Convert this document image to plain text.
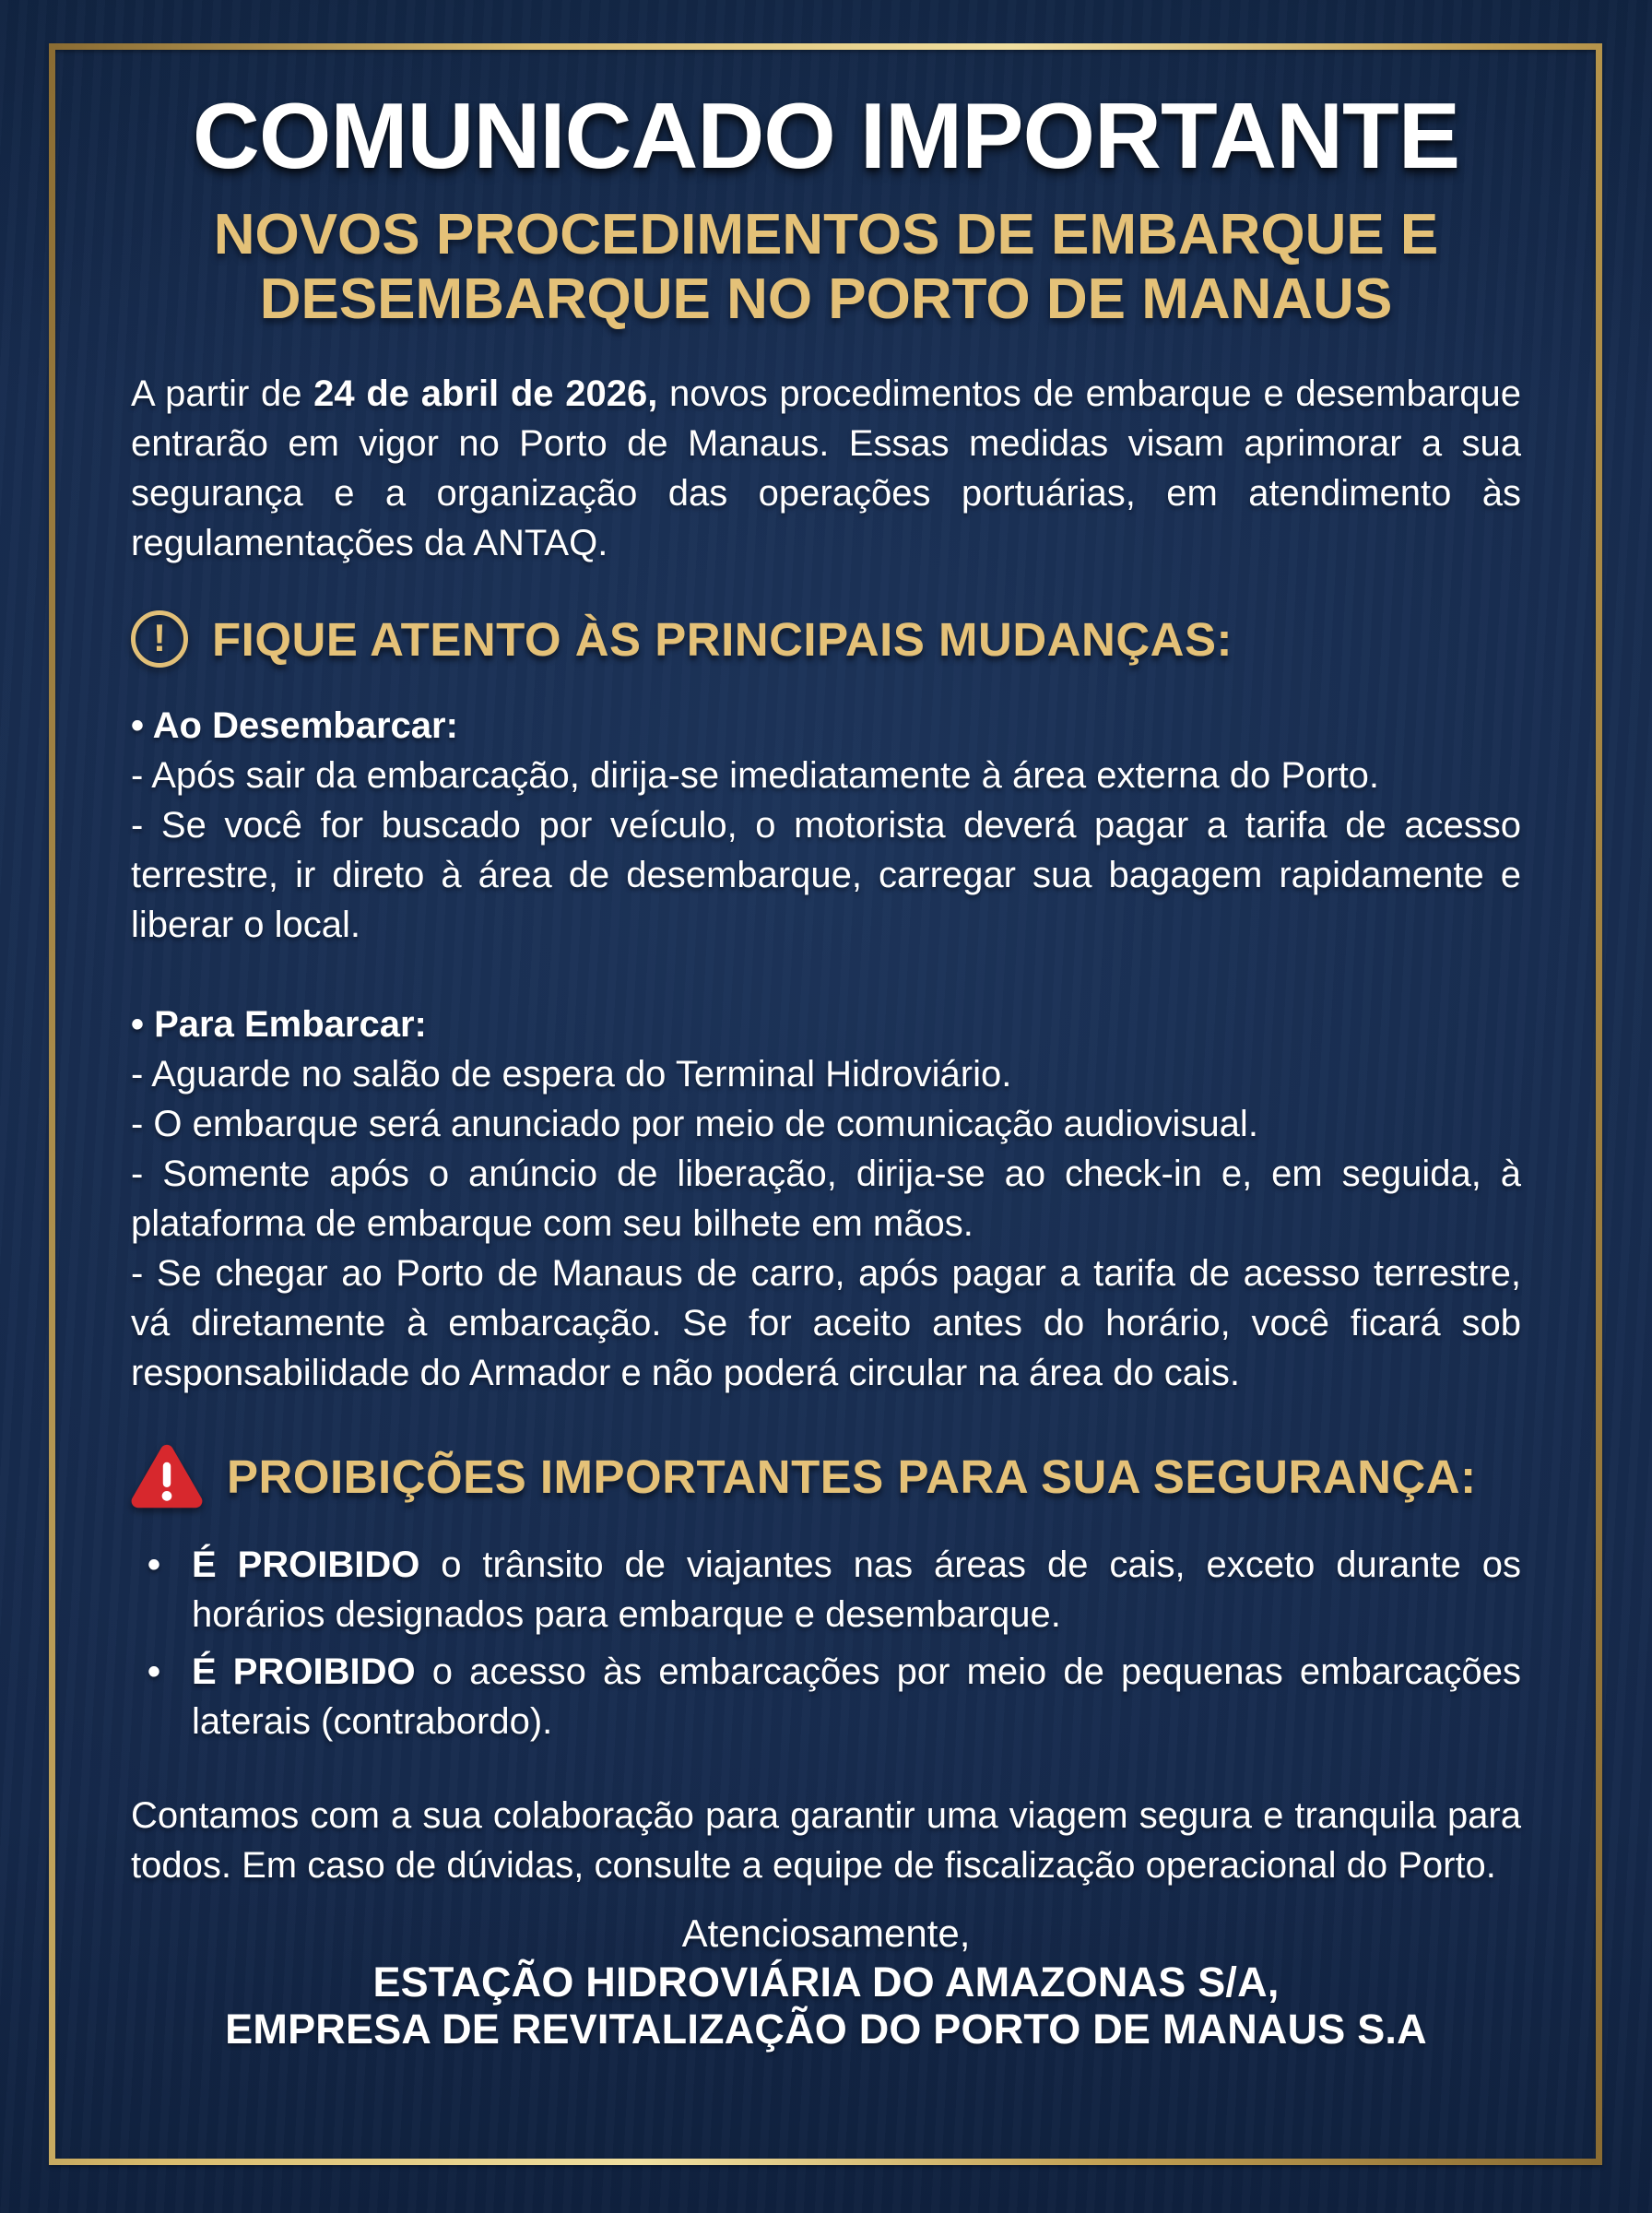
COMUNICADO IMPORTANTE
NOVOS PROCEDIMENTOS DE EMBARQUE E
DESEMBARQUE NO PORTO DE MANAUS

A partir de 24 de abril de 2026, novos procedimentos de embarque e desembarque entrarão em vigor no Porto de Manaus. Essas medidas visam aprimorar a sua segurança e a organização das operações portuárias, em atendimento às regulamentações da ANTAQ.

! FIQUE ATENTO ÀS PRINCIPAIS MUDANÇAS:

• Ao Desembarcar:

- Após sair da embarcação, dirija-se imediatamente à área externa do Porto.

- Se você for buscado por veículo, o motorista deverá pagar a tarifa de acesso terrestre, ir direto à área de desembarque, carregar sua bagagem rapidamente e liberar o local.

• Para Embarcar:

- Aguarde no salão de espera do Terminal Hidroviário.

- O embarque será anunciado por meio de comunicação audiovisual.

- Somente após o anúncio de liberação, dirija-se ao check-in e, em seguida, à plataforma de embarque com seu bilhete em mãos.

- Se chegar ao Porto de Manaus de carro, após pagar a tarifa de acesso terrestre, vá diretamente à embarcação. Se for aceito antes do horário, você ficará sob responsabilidade do Armador e não poderá circular na área do cais.

PROIBIÇÕES IMPORTANTES PARA SUA SEGURANÇA:
• É PROIBIDO o trânsito de viajantes nas áreas de cais, exceto durante os horários designados para embarque e desembarque.
• É PROIBIDO o acesso às embarcações por meio de pequenas embarcações laterais (contrabordo).

Contamos com a sua colaboração para garantir uma viagem segura e tranquila para todos. Em caso de dúvidas, consulte a equipe de fiscalização operacional do Porto.

Atenciosamente,

ESTAÇÃO HIDROVIÁRIA DO AMAZONAS S/A,

EMPRESA DE REVITALIZAÇÃO DO PORTO DE MANAUS S.A
